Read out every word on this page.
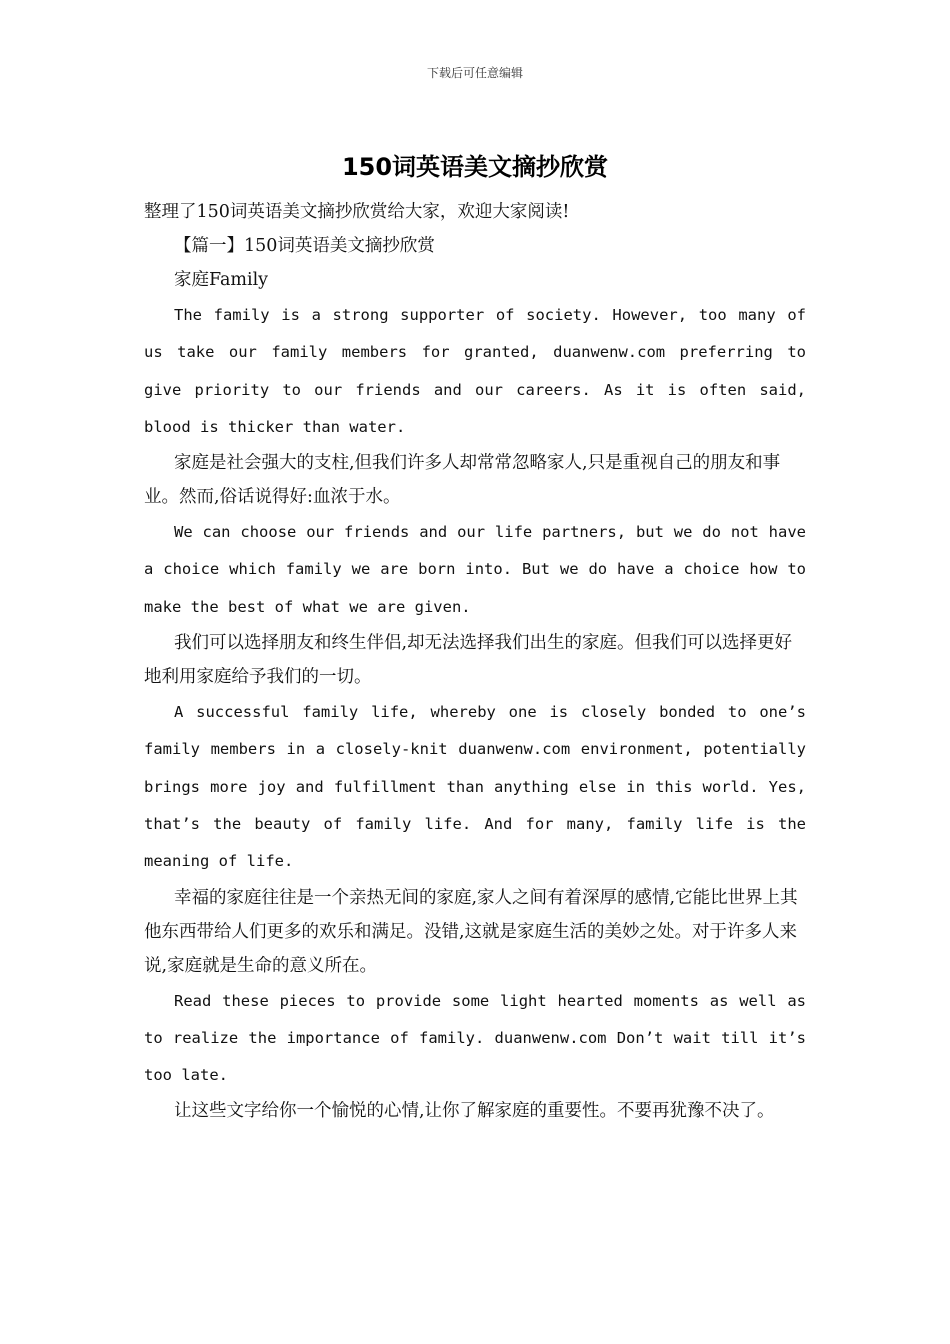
下载后可任意编辑
150词英语美文摘抄欣赏

整理了150词英语美文摘抄欣赏给大家，欢迎大家阅读!

【篇一】150词英语美文摘抄欣赏

家庭Family

The family is a strong supporter of society. However, too many of us take our family members for granted, duanwenw.com preferring to give priority to our friends and our careers. As it is often said, blood is thicker than water.

家庭是社会强大的支柱,但我们许多人却常常忽略家人,只是重视自己的朋友和事业。然而,俗话说得好:血浓于水。

We can choose our friends and our life partners, but we do not have a choice which family we are born into. But we do have a choice how to make the best of what we are given.

我们可以选择朋友和终生伴侣,却无法选择我们出生的家庭。但我们可以选择更好地利用家庭给予我们的一切。

A successful family life, whereby one is closely bonded to one’s family members in a closely-knit duanwenw.com environment, potentially brings more joy and fulfillment than anything else in this world. Yes, that’s the beauty of family life. And for many, family life is the meaning of life.

幸福的家庭往往是一个亲热无间的家庭,家人之间有着深厚的感情,它能比世界上其他东西带给人们更多的欢乐和满足。没错,这就是家庭生活的美妙之处。对于许多人来说,家庭就是生命的意义所在。

Read these pieces to provide some light hearted moments as well as to realize the importance of family. duanwenw.com Don’t wait till it’s too late.

让这些文字给你一个愉悦的心情,让你了解家庭的重要性。不要再犹豫不决了。
